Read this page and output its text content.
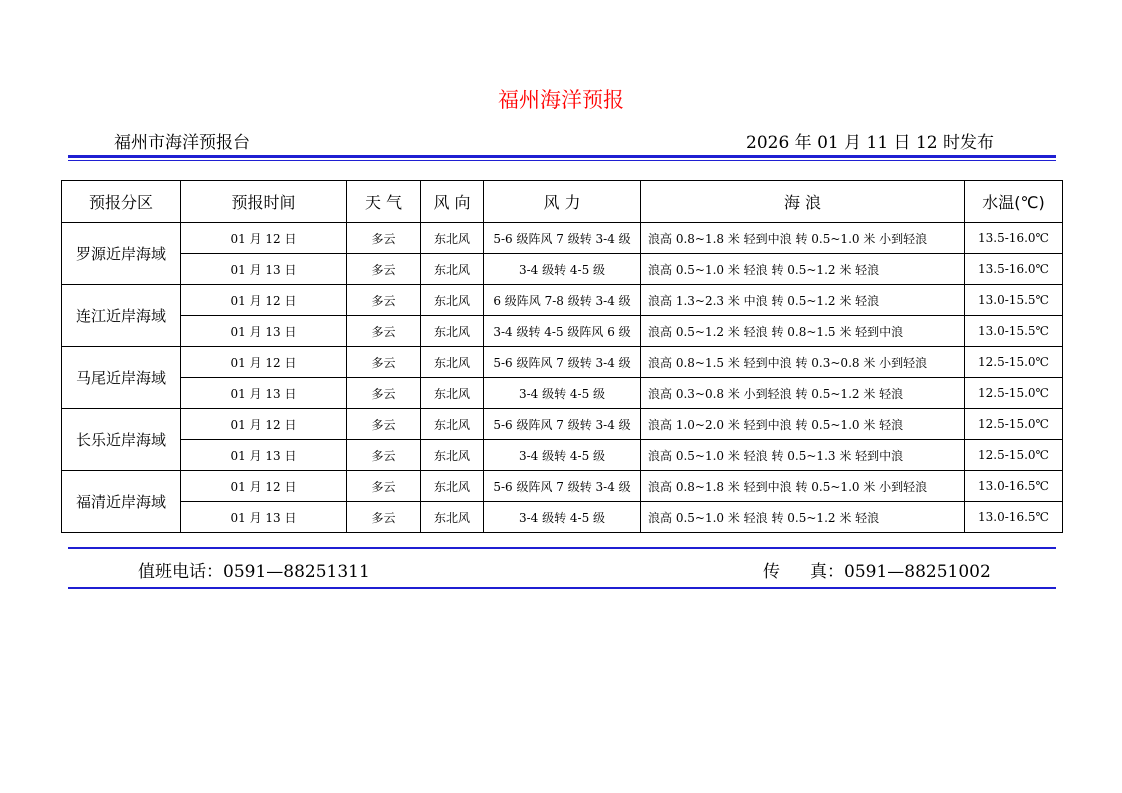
福州海洋预报
福州市海洋预报台	2026 年 01 月 11 日 12 时发布
预报分区	预报时间	天 气	风 向	风 力	海 浪	水温(℃)
罗源近岸海域	01 月 12 日	多云	东北风	5-6 级阵风 7 级转 3-4 级	浪高 0.8~1.8 米 轻到中浪 转 0.5~1.0 米 小到轻浪	13.5-16.0℃
	01 月 13 日	多云	东北风	3-4 级转 4-5 级	浪高 0.5~1.0 米 轻浪 转 0.5~1.2 米 轻浪	13.5-16.0℃
连江近岸海域	01 月 12 日	多云	东北风	6 级阵风 7-8 级转 3-4 级	浪高 1.3~2.3 米 中浪 转 0.5~1.2 米 轻浪	13.0-15.5℃
	01 月 13 日	多云	东北风	3-4 级转 4-5 级阵风 6 级	浪高 0.5~1.2 米 轻浪 转 0.8~1.5 米 轻到中浪	13.0-15.5℃
马尾近岸海域	01 月 12 日	多云	东北风	5-6 级阵风 7 级转 3-4 级	浪高 0.8~1.5 米 轻到中浪 转 0.3~0.8 米 小到轻浪	12.5-15.0℃
	01 月 13 日	多云	东北风	3-4 级转 4-5 级	浪高 0.3~0.8 米 小到轻浪 转 0.5~1.2 米 轻浪	12.5-15.0℃
长乐近岸海域	01 月 12 日	多云	东北风	5-6 级阵风 7 级转 3-4 级	浪高 1.0~2.0 米 轻到中浪 转 0.5~1.0 米 轻浪	12.5-15.0℃
	01 月 13 日	多云	东北风	3-4 级转 4-5 级	浪高 0.5~1.0 米 轻浪 转 0.5~1.3 米 轻到中浪	12.5-15.0℃
福清近岸海域	01 月 12 日	多云	东北风	5-6 级阵风 7 级转 3-4 级	浪高 0.8~1.8 米 轻到中浪 转 0.5~1.0 米 小到轻浪	13.0-16.5℃
	01 月 13 日	多云	东北风	3-4 级转 4-5 级	浪高 0.5~1.0 米 轻浪 转 0.5~1.2 米 轻浪	13.0-16.5℃
值班电话：0591—88251311	传 真：0591—88251002
